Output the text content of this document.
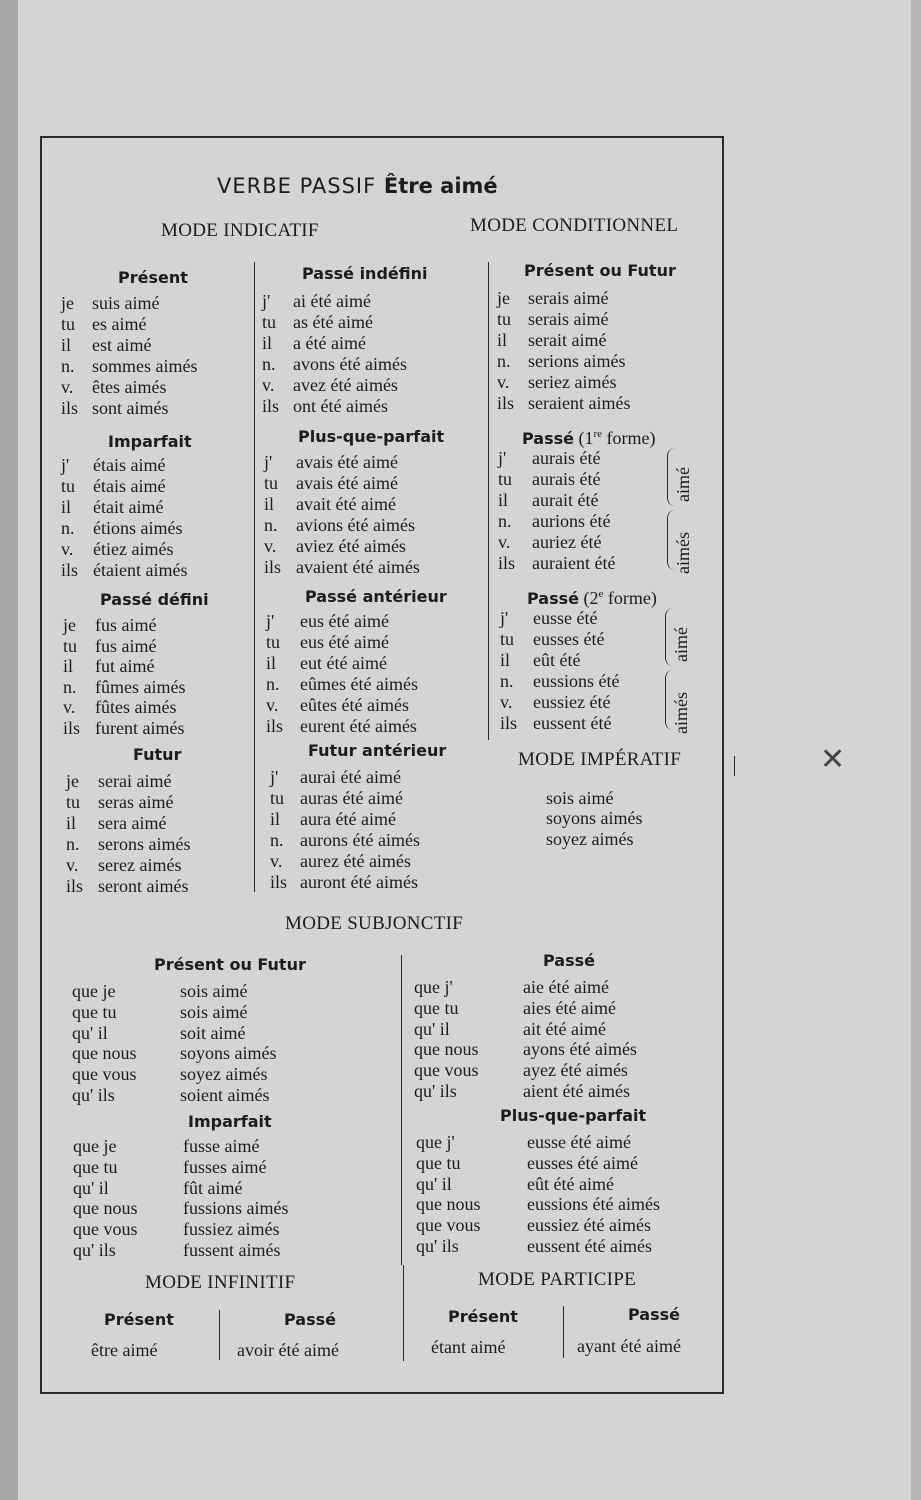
✕
VERBE PASSIF Être aimé
MODE INDICATIF	MODE CONDITIONNEL
Présent
je suis aimé
tu es aimé
il est aimé
n. sommes aimés
v. êtes aimés
ils sont aimés
Passé indéfini
j' ai été aimé
tu as été aimé
il a été aimé
n. avons été aimés
v. avez été aimés
ils ont été aimés
Présent ou Futur
je serais aimé
tu serais aimé
il serait aimé
n. serions aimés
v. seriez aimés
ils seraient aimés
Imparfait
j' étais aimé
tu étais aimé
il était aimé
n. étions aimés
v. étiez aimés
ils étaient aimés
Plus-que-parfait
j' avais été aimé
tu avais été aimé
il avait été aimé
n. avions été aimés
v. aviez été aimés
ils avaient été aimés
j' aurais été
tu aurais été
il aurait été
n. aurions été
v. auriez été
ils auraient été
Passé défini
je fus aimé
tu fus aimé
il fut aimé
n. fûmes aimés
v. fûtes aimés
ils furent aimés
Passé antérieur
j' eus été aimé
tu eus été aimé
il eut été aimé
n. eûmes été aimés
v. eûtes été aimés
ils eurent été aimés
j' eusse été
tu eusses été
il eût été
n. eussions été
v. eussiez été
ils eussent été
Futur
je serai aimé
tu seras aimé
il sera aimé
n. serons aimés
v. serez aimés
ils seront aimés
Futur antérieur
j' aurai été aimé
tu auras été aimé
il aura été aimé
n. aurons été aimés
v. aurez été aimés
ils auront été aimés
Présent ou Futur
que je	sois aimé
que tu	sois aimé
qu' il	soit aimé
que nous soyons aimés
que vous soyez aimés
qu' ils	soient aimés
Passé
que j'	aie été aimé
que tu	aies été aimé
qu' il	ait été aimé
que nous ayons été aimés
que vous ayez été aimés
qu' ils	aient été aimés
Imparfait
que je	fusse aimé
que tu	fusses aimé
qu' il	fût aimé
que nous	fussions aimés
que vous	fussiez aimés
qu' ils	fussent aimés
Plus-que-parfait
que j'	eusse été aimé
que tu	eusses été aimé
qu' il	eût été aimé
que nous	eussions été aimés
que vous	eussiez été aimés
qu' ils	eussent été aimés
aimé
aimés
aimé
aimés
Passé (1re forme)
Passé (2e forme)
MODE IMPÉRATIF
sois aimé
soyons aimés
soyez aimés
MODE SUBJONCTIF
MODE INFINITIF	MODE PARTICIPE
Présent
être aimé
Passé
avoir été aimé
Présent
étant aimé
Passé
ayant été aimé
